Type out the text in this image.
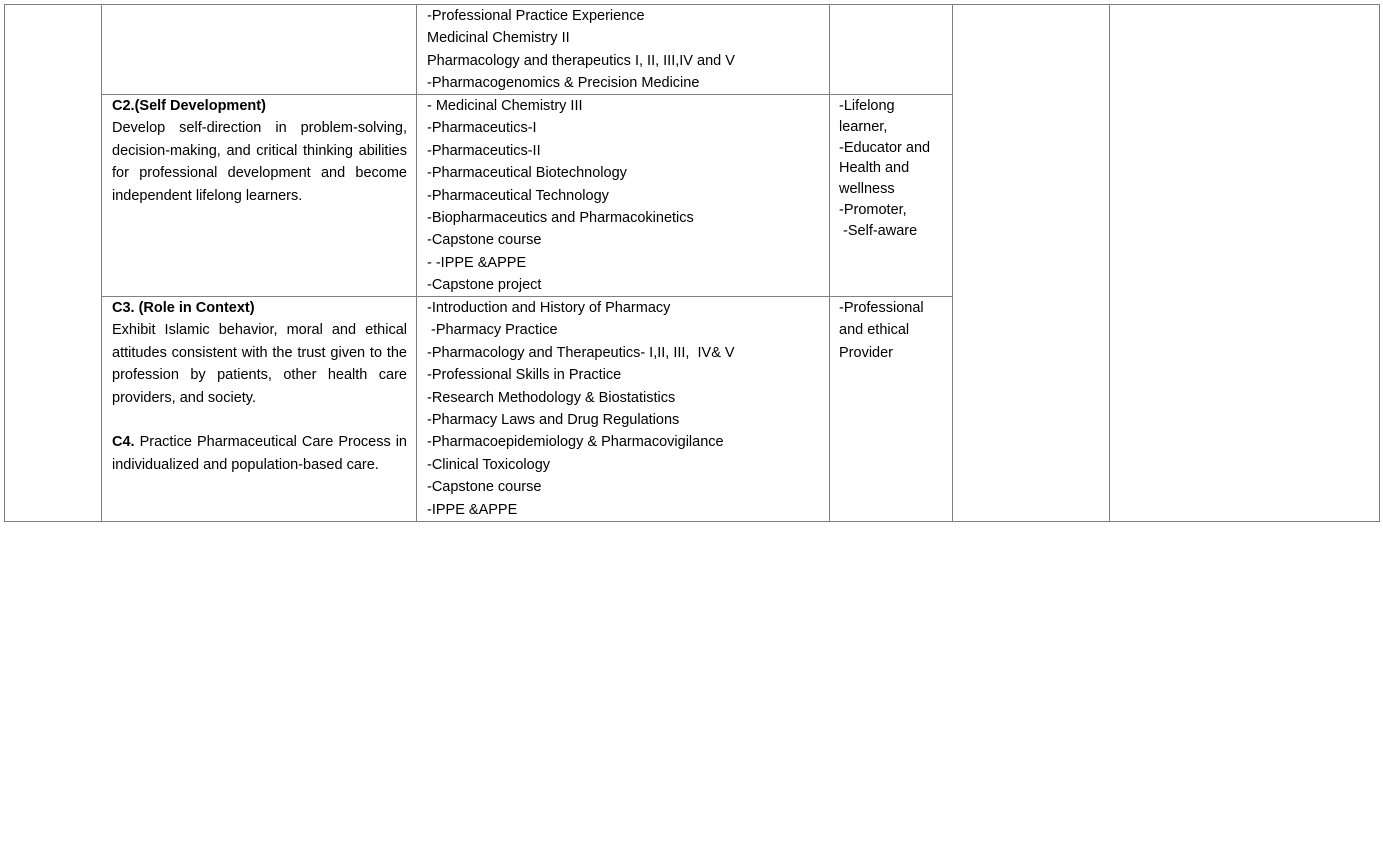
-Professional Practice Experience
Medicinal Chemistry II
Pharmacology and therapeutics I, II, III,IV and V
-Pharmacogenomics & Precision Medicine
C2.(Self Development)
Develop self-direction in problem-solving, decision-making, and critical thinking abilities for professional development and become independent lifelong learners.
- Medicinal Chemistry III
-Pharmaceutics-I
-Pharmaceutics-II
-Pharmaceutical Biotechnology
-Pharmaceutical Technology
-Biopharmaceutics and Pharmacokinetics
-Capstone course
- -IPPE &APPE
-Capstone project
-Lifelong
learner,
-Educator and
Health and
wellness
-Promoter,
-Self-aware
C3. (Role in Context)
Exhibit Islamic behavior, moral and ethical attitudes consistent with the trust given to the profession by patients, other health care providers, and society.
C4. Practice Pharmaceutical Care Process in individualized and population-based care.
-Introduction and History of Pharmacy
-Pharmacy Practice
-Pharmacology and Therapeutics- I,II, III,  IV& V
-Professional Skills in Practice
-Research Methodology & Biostatistics
-Pharmacy Laws and Drug Regulations
-Pharmacoepidemiology & Pharmacovigilance
-Clinical Toxicology
-Capstone course
-IPPE &APPE
-Professional
and ethical
Provider
